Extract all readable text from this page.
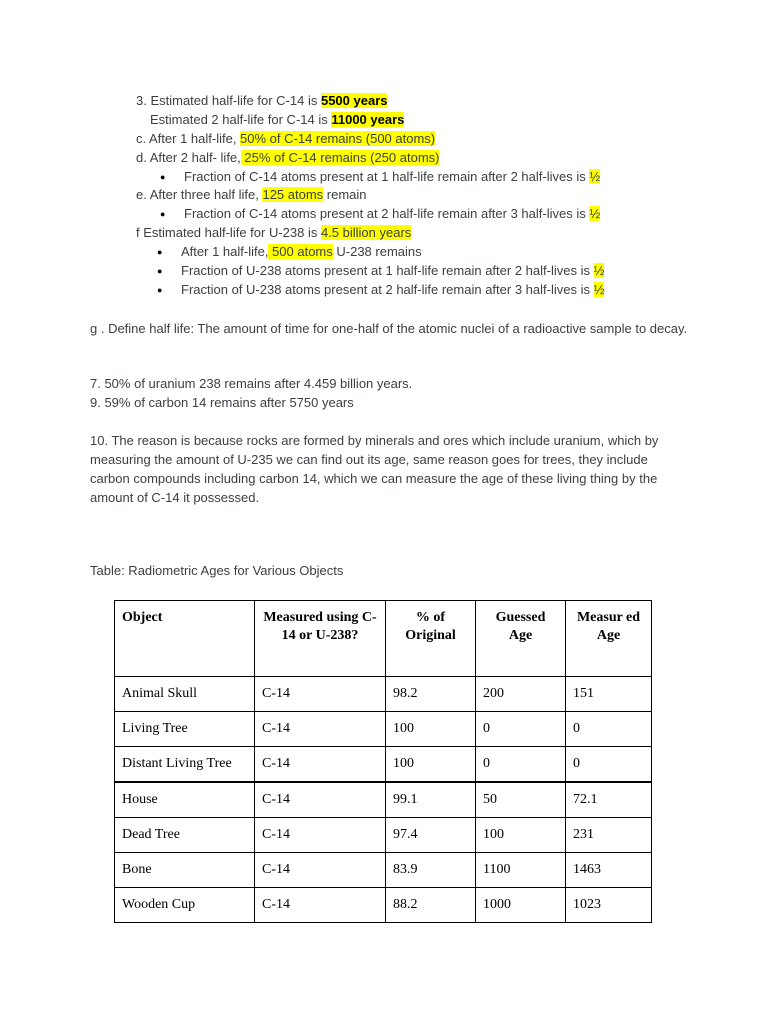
3. Estimated half-life for C-14 is 5500 years
Estimated 2 half-life for C-14 is 11000 years
c. After 1 half-life, 50% of C-14 remains (500 atoms)
d. After 2 half- life, 25% of C-14 remains (250 atoms)
● Fraction of C-14 atoms present at 1 half-life remain after 2 half-lives is ½
e. After three half life, 125 atoms remain
● Fraction of C-14 atoms present at 2 half-life remain after 3 half-lives is ½
f Estimated half-life for U-238 is 4.5 billion years
● After 1 half-life, 500 atoms U-238 remains
● Fraction of U-238 atoms present at 1 half-life remain after 2 half-lives is ½
● Fraction of U-238 atoms present at 2 half-life remain after 3 half-lives is ½
g . Define half life: The amount of time for one-half of the atomic nuclei of a radioactive sample to decay.
7. 50% of uranium 238 remains after 4.459 billion years.
9. 59% of carbon 14 remains after 5750 years
10. The reason is because rocks are formed by minerals and ores which include uranium, which by measuring the amount of U-235 we can find out its age, same reason goes for trees, they include carbon compounds including carbon 14, which we can measure the age of these living thing by the amount of C-14 it possessed.
Table: Radiometric Ages for Various Objects
Object	Measured using C-14 or U-238?	% of Original	Guessed Age	Measur ed Age
Animal Skull	C-14	98.2	200	151
Living Tree	C-14	100	0	0
Distant Living Tree	C-14	100	0	0
House	C-14	99.1	50	72.1
Dead Tree	C-14	97.4	100	231
Bone	C-14	83.9	1100	1463
Wooden Cup	C-14	88.2	1000	1023
